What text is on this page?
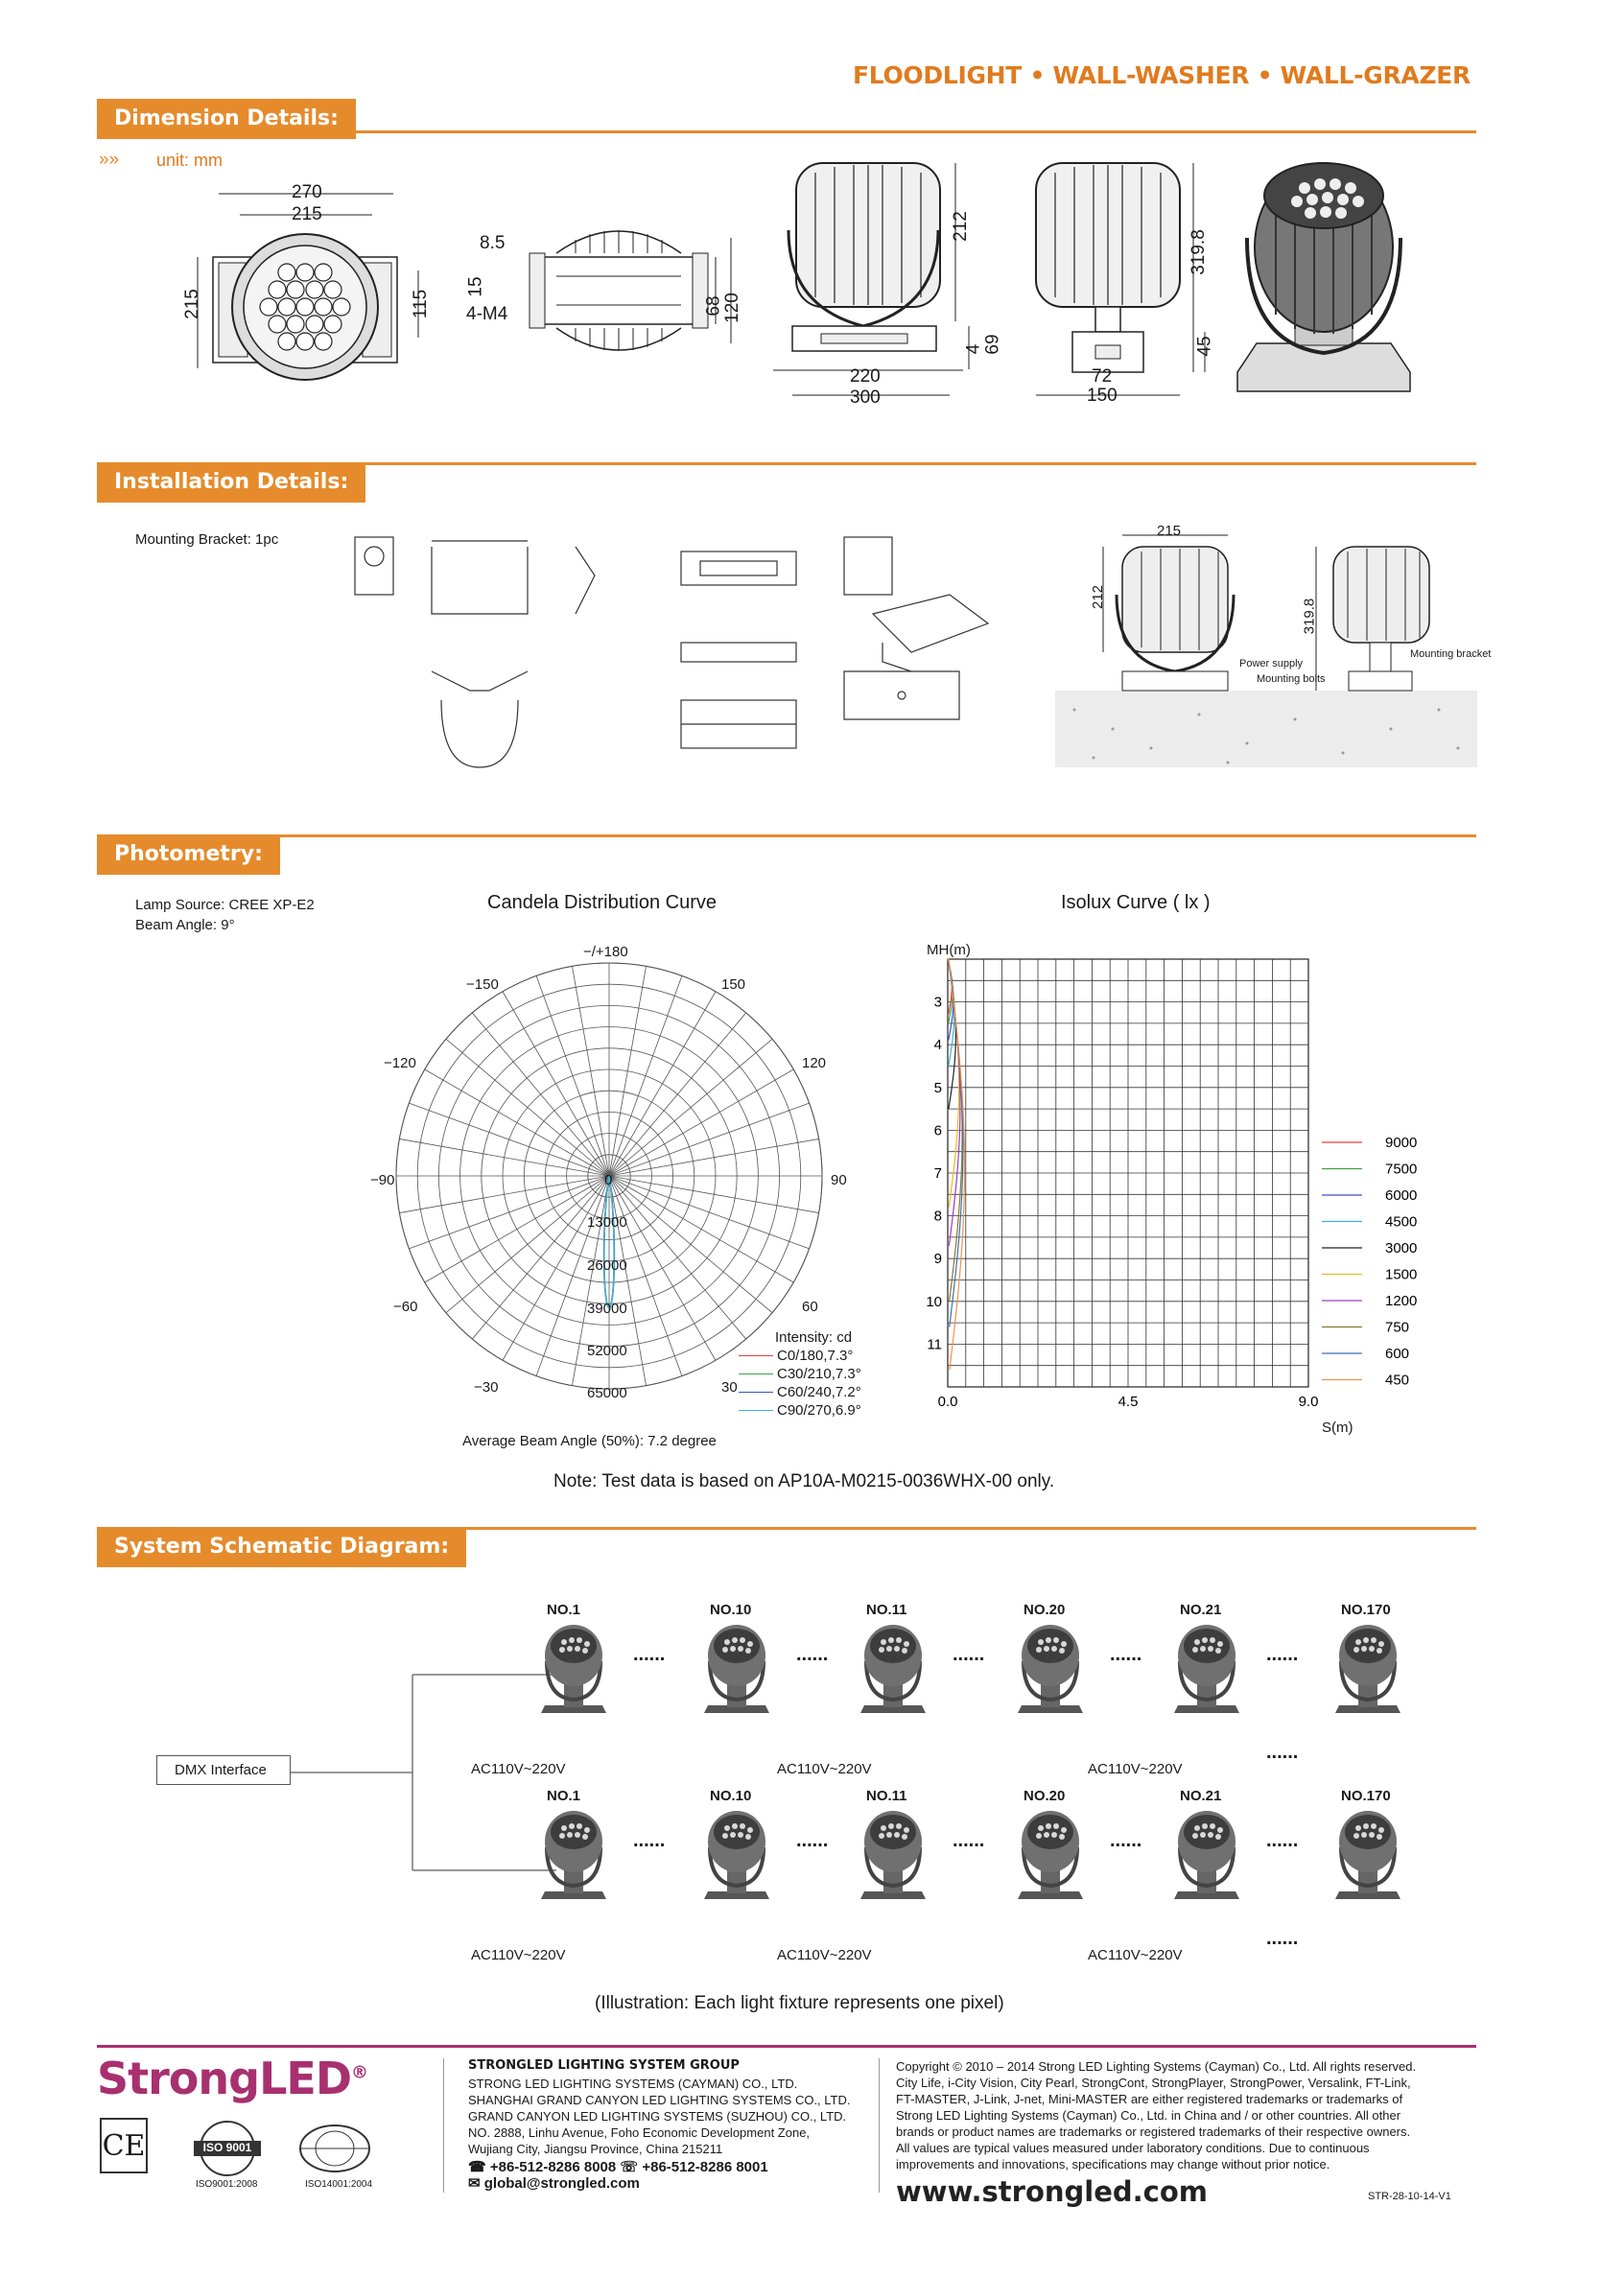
FLOODLIGHT • WALL-WASHER • WALL-GRAZER
Dimension Details:
»» unit: mm
270
215
215	115
8.5
15
4-M4	68
120
212
4 69
220
300
319.8
45
72
150
Installation Details:
Mounting Bracket: 1pc
215
212
319.8
Power supply
Mounting bolts
Mounting bracket
Photometry:
Lamp Source: CREE XP-E2
Beam Angle: 9°
Candela Distribution Curve	Isolux Curve ( lx )
−/+180
−150	150
−120	120
−90	90
−60	60
−30	30
0
13000
26000
39000
52000
65000
Intensity: cd
C0/180,7.3°
C30/210,7.3°
C60/240,7.2°
C90/270,6.9°
Average Beam Angle (50%): 7.2 degree
MH(m)
3
4
5
6
7
8
9
10
11
0.0	4.5	9.0
9000
7500
6000
4500
3000
1500
1200
750
600
450
S(m)
Note: Test data is based on AP10A-M0215-0036WHX-00 only.
System Schematic Diagram:
DMX Interface
NO.1
......
NO.10
......
NO.11
......
NO.20
......
NO.21
......
NO.170
NO.1
......
NO.10
......
NO.11
......
NO.20
......
NO.21
......
NO.170
AC110V~220V	AC110V~220V	AC110V~220V
......
AC110V~220V	AC110V~220V	AC110V~220V
......
(Illustration: Each light fixture represents one pixel)
StrongLED®
CE	ISO 9001
ISO9001:2008	ISO14001:2004
STRONGLED LIGHTING SYSTEM GROUP
STRONG LED LIGHTING SYSTEMS (CAYMAN) CO., LTD.
SHANGHAI GRAND CANYON LED LIGHTING SYSTEMS CO., LTD.
GRAND CANYON LED LIGHTING SYSTEMS (SUZHOU) CO., LTD.
NO. 2888, Linhu Avenue, Foho Economic Development Zone,
Wujiang City, Jiangsu Province, China 215211
☎ +86-512-8286 8008 ☏ +86-512-8286 8001
✉ global@strongled.com
Copyright © 2010 – 2014 Strong LED Lighting Systems (Cayman) Co., Ltd. All rights reserved.
City Life, i-City Vision, City Pearl, StrongCont, StrongPlayer, StrongPower, Versalink, FT-Link,
FT-MASTER, J-Link, J-net, Mini-MASTER are either registered trademarks or trademarks of
Strong LED Lighting Systems (Cayman) Co., Ltd. in China and / or other countries. All other
brands or product names are trademarks or registered trademarks of their respective owners.
All values are typical values measured under laboratory conditions. Due to continuous
improvements and innovations, specifications may change without prior notice.
www.strongled.com	STR-28-10-14-V1
